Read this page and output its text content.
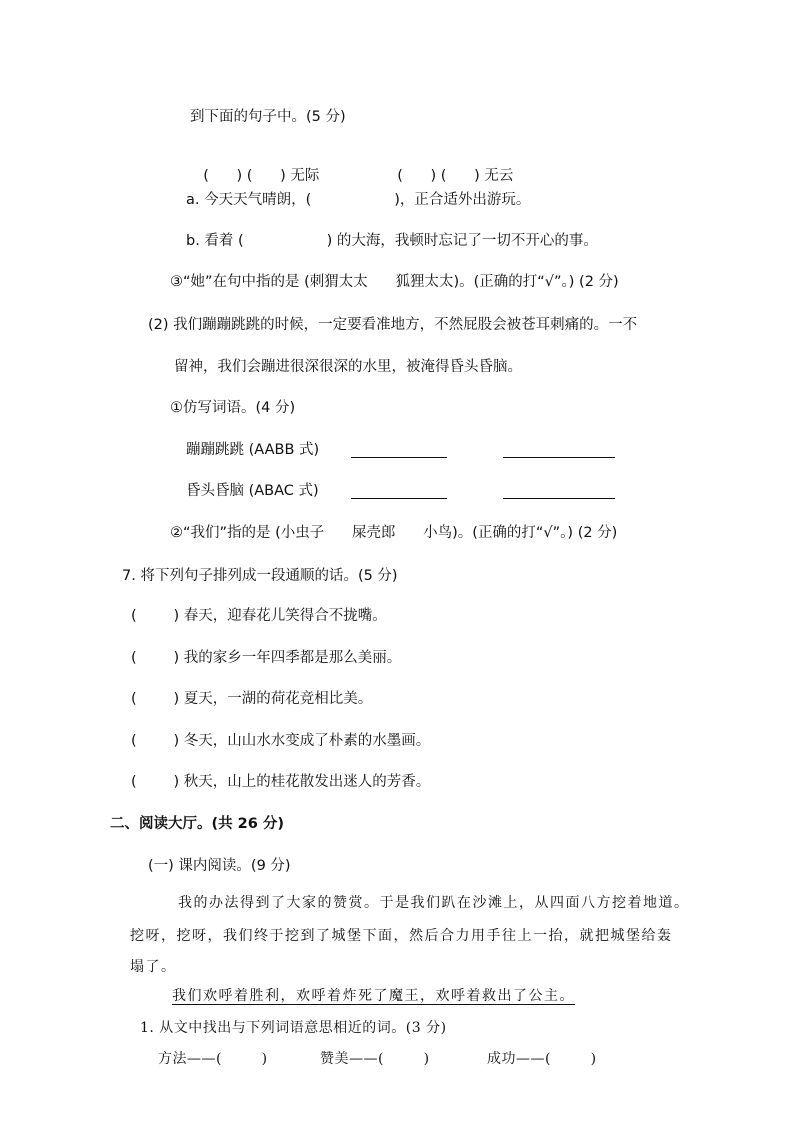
到下面的句子中。(5 分)

(      ) (      ) 无际	(      ) (      ) 无云

a. 今天天气晴朗，(                  )，正合适外出游玩。
b. 看着 (                  ) 的大海，我顿时忘记了一切不开心的事。
③“她”在句中指的是 (刺猬太太      狐狸太太)。(正确的打“√”。) (2 分)
(2) 我们蹦蹦跳跳的时候，一定要看准地方，不然屁股会被苍耳刺痛的。一不
留神，我们会蹦进很深很深的水里，被淹得昏头昏脑。
①仿写词语。(4 分)
蹦蹦跳跳 (AABB 式)
昏头昏脑 (ABAC 式)
②“我们”指的是 (小虫子      屎壳郎      小鸟)。(正确的打“√”。) (2 分)
7. 将下列句子排列成一段通顺的话。(5 分)
(        ) 春天，迎春花儿笑得合不拢嘴。
(        ) 我的家乡一年四季都是那么美丽。
(        ) 夏天，一湖的荷花竞相比美。
(        ) 冬天，山山水水变成了朴素的水墨画。
(        ) 秋天，山上的桂花散发出迷人的芳香。
二、阅读大厅。(共 26 分)
(一) 课内阅读。(9 分)
我的办法得到了大家的赞赏。于是我们趴在沙滩上，从四面八方挖着地道。
挖呀，挖呀，我们终于挖到了城堡下面，然后合力用手往上一抬，就把城堡给轰
塌了。
我们欢呼着胜利，欢呼着炸死了魔王，欢呼着救出了公主。
1. 从文中找出与下列词语意思相近的词。(3 分)
方法——(        )	赞美——(        )	成功——(        )
